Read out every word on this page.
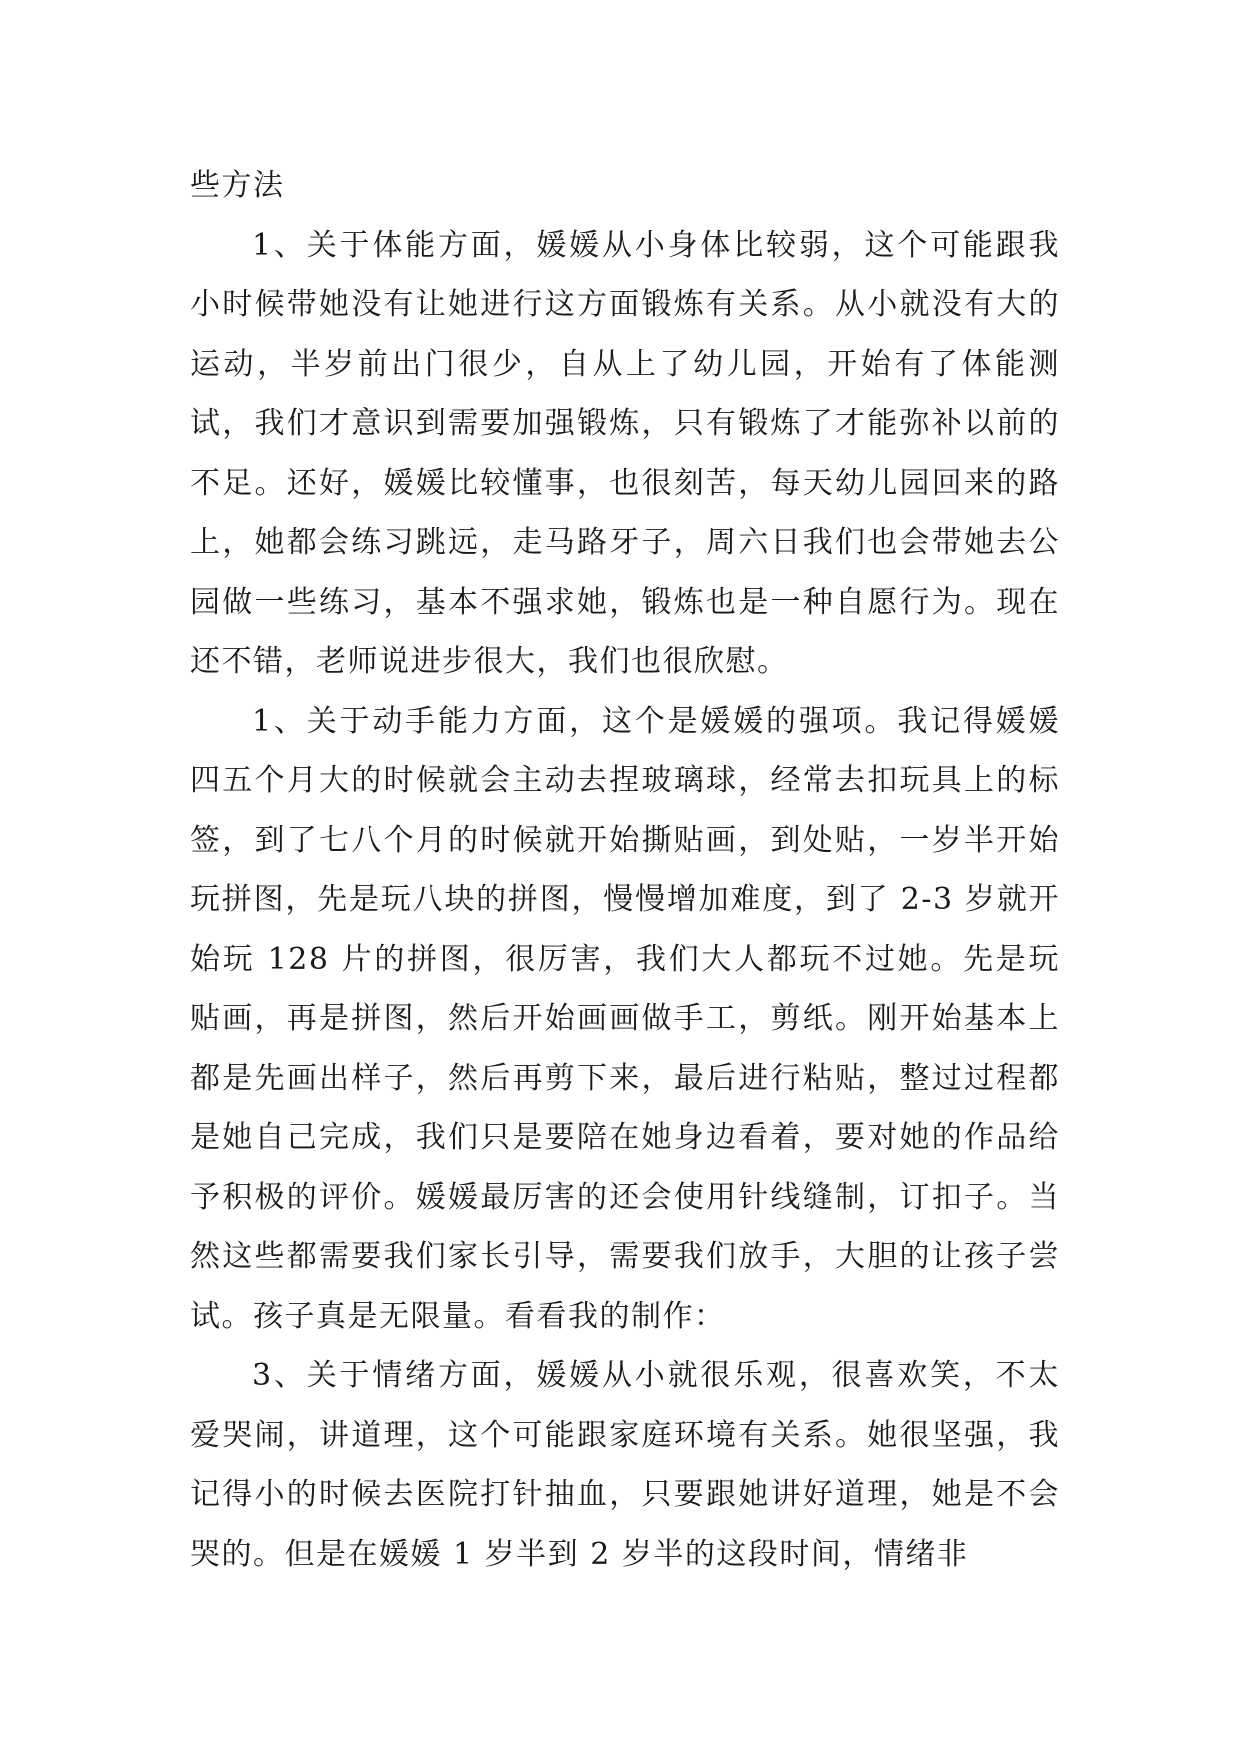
些方法

1、关于体能方面，媛媛从小身体比较弱，这个可能跟我小时候带她没有让她进行这方面锻炼有关系。从小就没有大的运动，半岁前出门很少，自从上了幼儿园，开始有了体能测试，我们才意识到需要加强锻炼，只有锻炼了才能弥补以前的不足。还好，媛媛比较懂事，也很刻苦，每天幼儿园回来的路上，她都会练习跳远，走马路牙子，周六日我们也会带她去公园做一些练习，基本不强求她，锻炼也是一种自愿行为。现在还不错，老师说进步很大，我们也很欣慰。

1、关于动手能力方面，这个是媛媛的强项。我记得媛媛四五个月大的时候就会主动去捏玻璃球，经常去扣玩具上的标签，到了七八个月的时候就开始撕贴画，到处贴，一岁半开始玩拼图，先是玩八块的拼图，慢慢增加难度，到了 2-3 岁就开始玩 128 片的拼图，很厉害，我们大人都玩不过她。先是玩贴画，再是拼图，然后开始画画做手工，剪纸。刚开始基本上都是先画出样子，然后再剪下来，最后进行粘贴，整过过程都是她自己完成，我们只是要陪在她身边看着，要对她的作品给予积极的评价。媛媛最厉害的还会使用针线缝制，订扣子。当然这些都需要我们家长引导，需要我们放手，大胆的让孩子尝试。孩子真是无限量。看看我的制作：

3、关于情绪方面，媛媛从小就很乐观，很喜欢笑，不太爱哭闹，讲道理，这个可能跟家庭环境有关系。她很坚强，我记得小的时候去医院打针抽血，只要跟她讲好道理，她是不会哭的。但是在媛媛 1 岁半到 2 岁半的这段时间，情绪非
